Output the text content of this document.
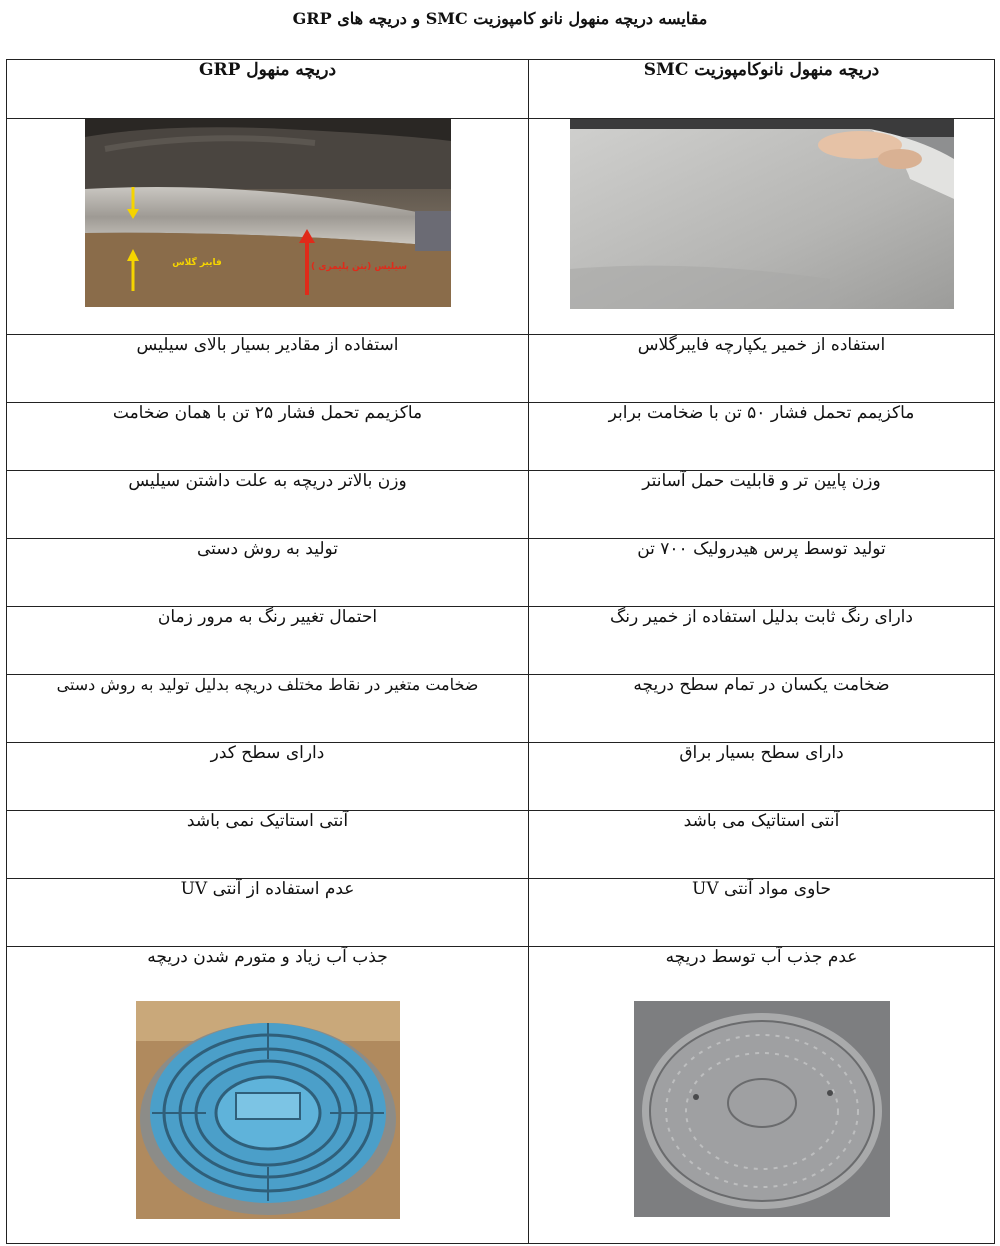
مقایسه دریچه منهول نانو کامپوزیت SMC و دریچه های GRP
دریچه منهول GRP	دریچه منهول نانوکامپوزیت SMC

فایبر گلاس سیلیس (بتن پلیمری )

استفاده از مقادیر بسیار بالای سیلیس	استفاده از خمیر یکپارچه فایبرگلاس
ماکزیمم تحمل فشار ۲۵ تن با همان ضخامت	ماکزیمم تحمل فشار ۵۰ تن با ضخامت برابر
وزن بالاتر دریچه به علت داشتن سیلیس	وزن پایین تر و قابلیت حمل آسانتر
تولید به روش دستی	تولید توسط پرس هیدرولیک ۷۰۰ تن
احتمال تغییر رنگ به مرور زمان	دارای رنگ ثابت بدلیل استفاده از خمیر رنگ
ضخامت متغیر در نقاط مختلف دریچه بدلیل تولید به روش دستی	ضخامت یکسان در تمام سطح دریچه
دارای سطح کدر	دارای سطح بسیار براق
آنتی استاتیک نمی باشد	آنتی استاتیک می باشد
عدم استفاده از آنتی UV	حاوی مواد آنتی UV

جذب آب زیاد و متورم شدن دریچه	عدم جذب آب توسط دریچه
